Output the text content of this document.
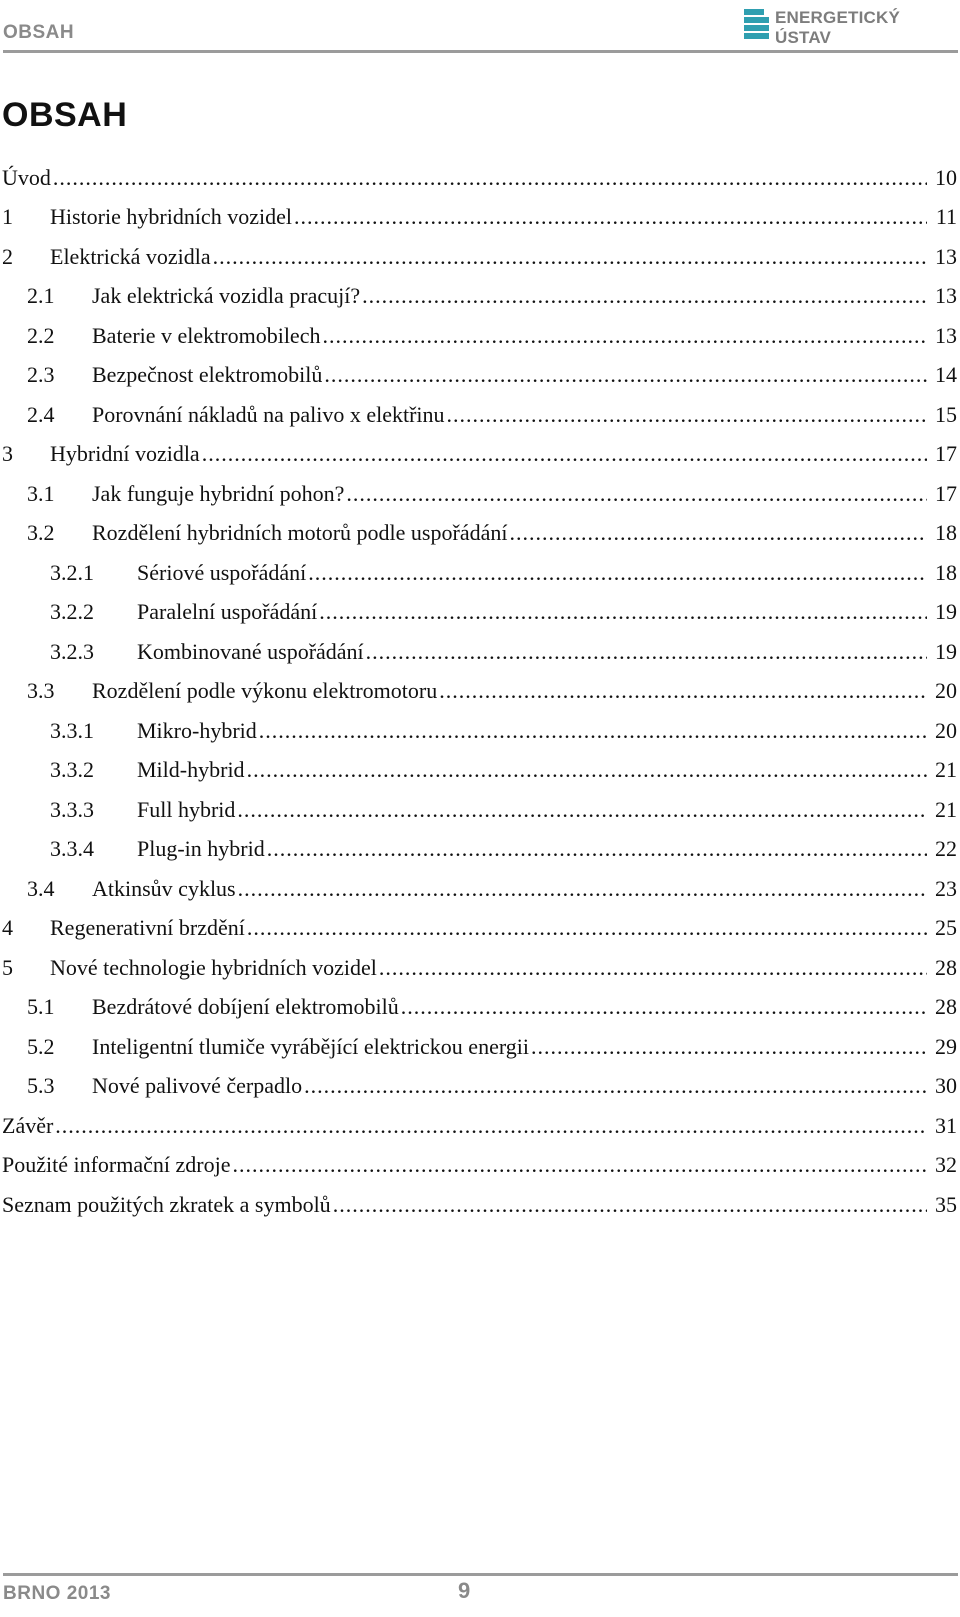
OBSAH
ENERGETICKÝ ÚSTAV
OBSAH
Úvod .....	10
1	Historie hybridních vozidel .....	11
2	Elektrická vozidla .....	13
2.1	Jak elektrická vozidla pracují? .....	13
2.2	Baterie v elektromobilech .....	13
2.3	Bezpečnost elektromobilů .....	14
2.4	Porovnání nákladů na palivo x elektřinu .....	15
3	Hybridní vozidla .....	17
3.1	Jak funguje hybridní pohon? .....	17
3.2	Rozdělení hybridních motorů podle uspořádání .....	18
3.2.1	Sériové uspořádání .....	18
3.2.2	Paralelní uspořádání .....	19
3.2.3	Kombinované uspořádání .....	19
3.3	Rozdělení podle výkonu elektromotoru .....	20
3.3.1	Mikro-hybrid .....	20
3.3.2	Mild-hybrid .....	21
3.3.3	Full hybrid .....	21
3.3.4	Plug-in hybrid .....	22
3.4	Atkinsův cyklus .....	23
4	Regenerativní brzdění .....	25
5	Nové technologie hybridních vozidel .....	28
5.1	Bezdrátové dobíjení elektromobilů .....	28
5.2	Inteligentní tlumiče vyrábějící elektrickou energii .....	29
5.3	Nové palivové čerpadlo .....	30
Závěr .....	31
Použité informační zdroje .....	32
Seznam použitých zkratek a symbolů .....	35
BRNO 2013	9
